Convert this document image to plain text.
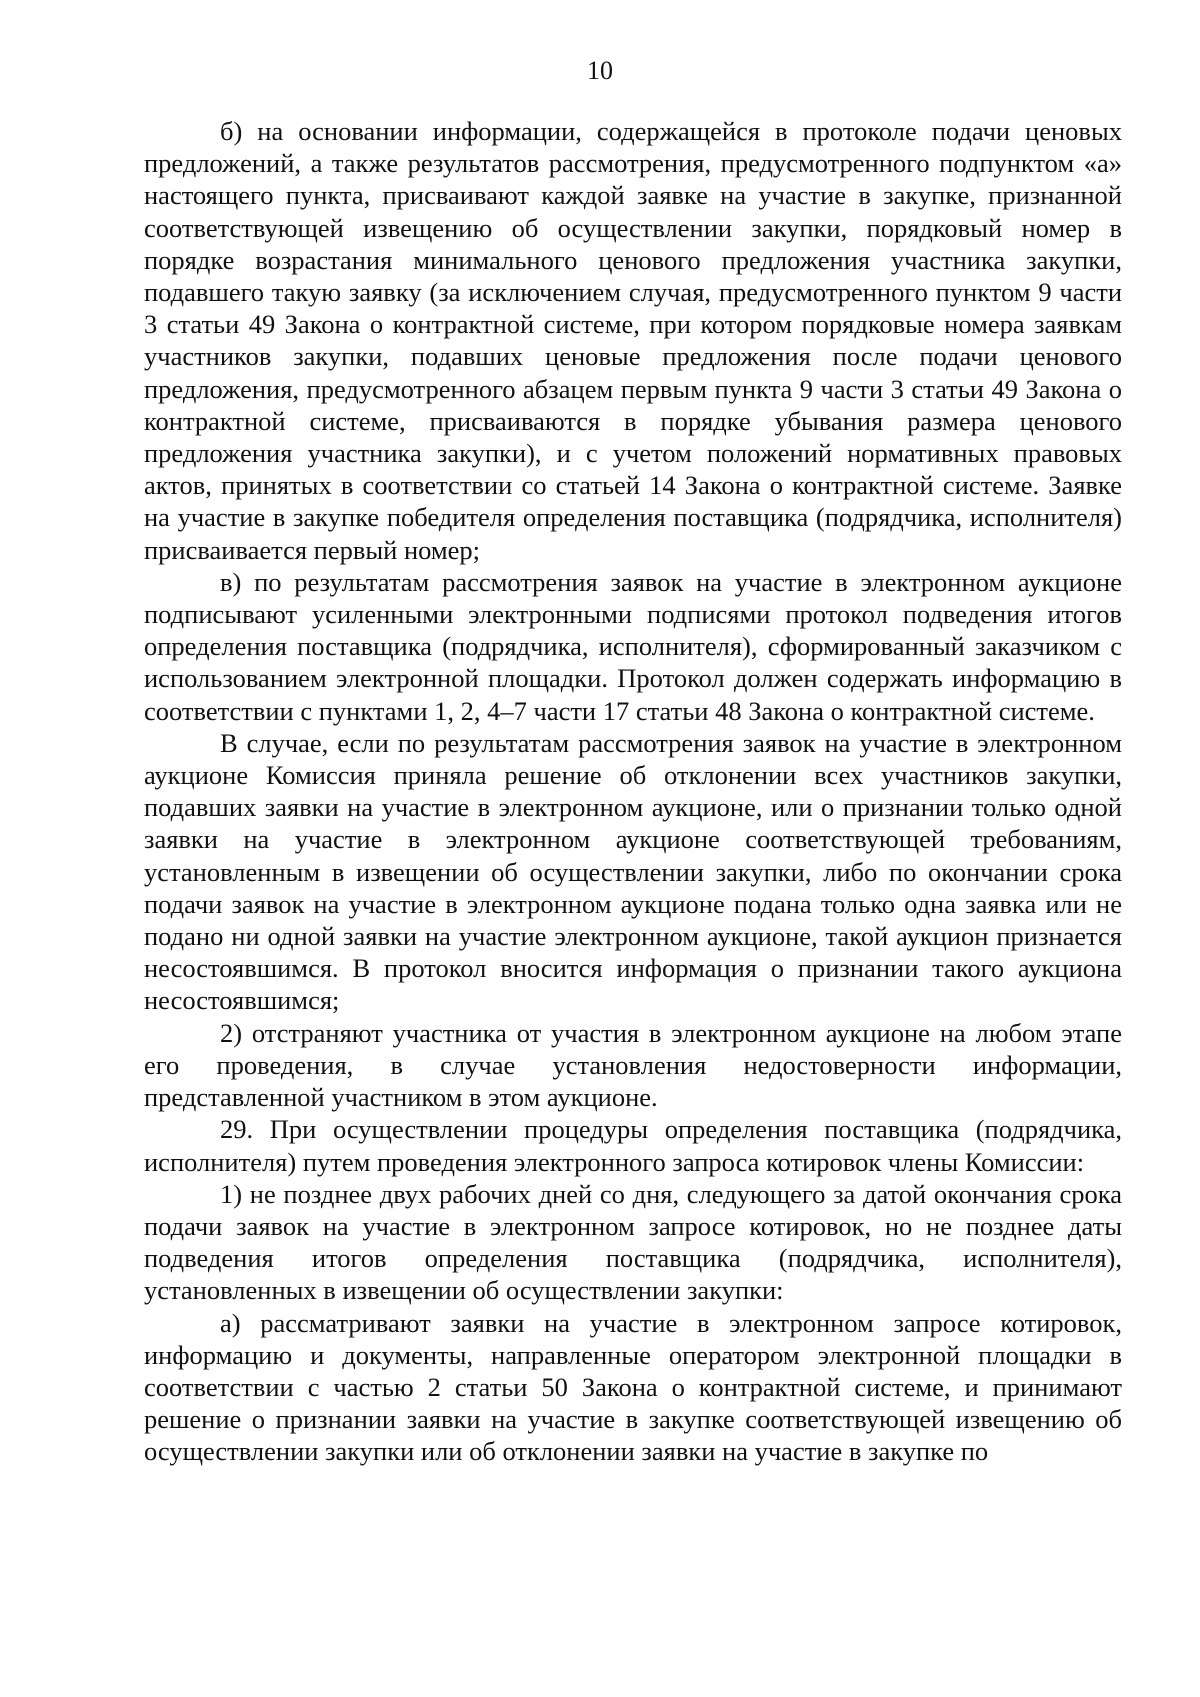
10

б) на основании информации, содержащейся в протоколе подачи ценовых предложений, а также результатов рассмотрения, предусмотренного подпунктом «а» настоящего пункта, присваивают каждой заявке на участие в закупке, признанной соответствующей извещению об осуществлении закупки, порядковый номер в порядке возрастания минимального ценового предложения участника закупки, подавшего такую заявку (за исключением случая, предусмотренного пунктом 9 части 3 статьи 49 Закона о контрактной системе, при котором порядковые номера заявкам участников закупки, подавших ценовые предложения после подачи ценового предложения, предусмотренного абзацем первым пункта 9 части 3 статьи 49 Закона о контрактной системе, присваиваются в порядке убывания размера ценового предложения участника закупки), и с учетом положений нормативных правовых актов, принятых в соответствии со статьей 14 Закона о контрактной системе. Заявке на участие в закупке победителя определения поставщика (подрядчика, исполнителя) присваивается первый номер;

в) по результатам рассмотрения заявок на участие в электронном аукционе подписывают усиленными электронными подписями протокол подведения итогов определения поставщика (подрядчика, исполнителя), сформированный заказчиком с использованием электронной площадки. Протокол должен содержать информацию в соответствии с пунктами 1, 2, 4–7 части 17 статьи 48 Закона о контрактной системе.

В случае, если по результатам рассмотрения заявок на участие в электронном аукционе Комиссия приняла решение об отклонении всех участников закупки, подавших заявки на участие в электронном аукционе, или о признании только одной заявки на участие в электронном аукционе соответствующей требованиям, установленным в извещении об осуществлении закупки, либо по окончании срока подачи заявок на участие в электронном аукционе подана только одна заявка или не подано ни одной заявки на участие электронном аукционе, такой аукцион признается несостоявшимся. В протокол вносится информация о признании такого аукциона несостоявшимся;

2) отстраняют участника от участия в электронном аукционе на любом этапе его проведения, в случае установления недостоверности информации, представленной участником в этом аукционе.

29. При осуществлении процедуры определения поставщика (подрядчика, исполнителя) путем проведения электронного запроса котировок члены Комиссии:

1) не позднее двух рабочих дней со дня, следующего за датой окончания срока подачи заявок на участие в электронном запросе котировок, но не позднее даты подведения итогов определения поставщика (подрядчика, исполнителя), установленных в извещении об осуществлении закупки:

а) рассматривают заявки на участие в электронном запросе котировок, информацию и документы, направленные оператором электронной площадки в соответствии с частью 2 статьи 50 Закона о контрактной системе, и принимают решение о признании заявки на участие в закупке соответствующей извещению об осуществлении закупки или об отклонении заявки на участие в закупке по
